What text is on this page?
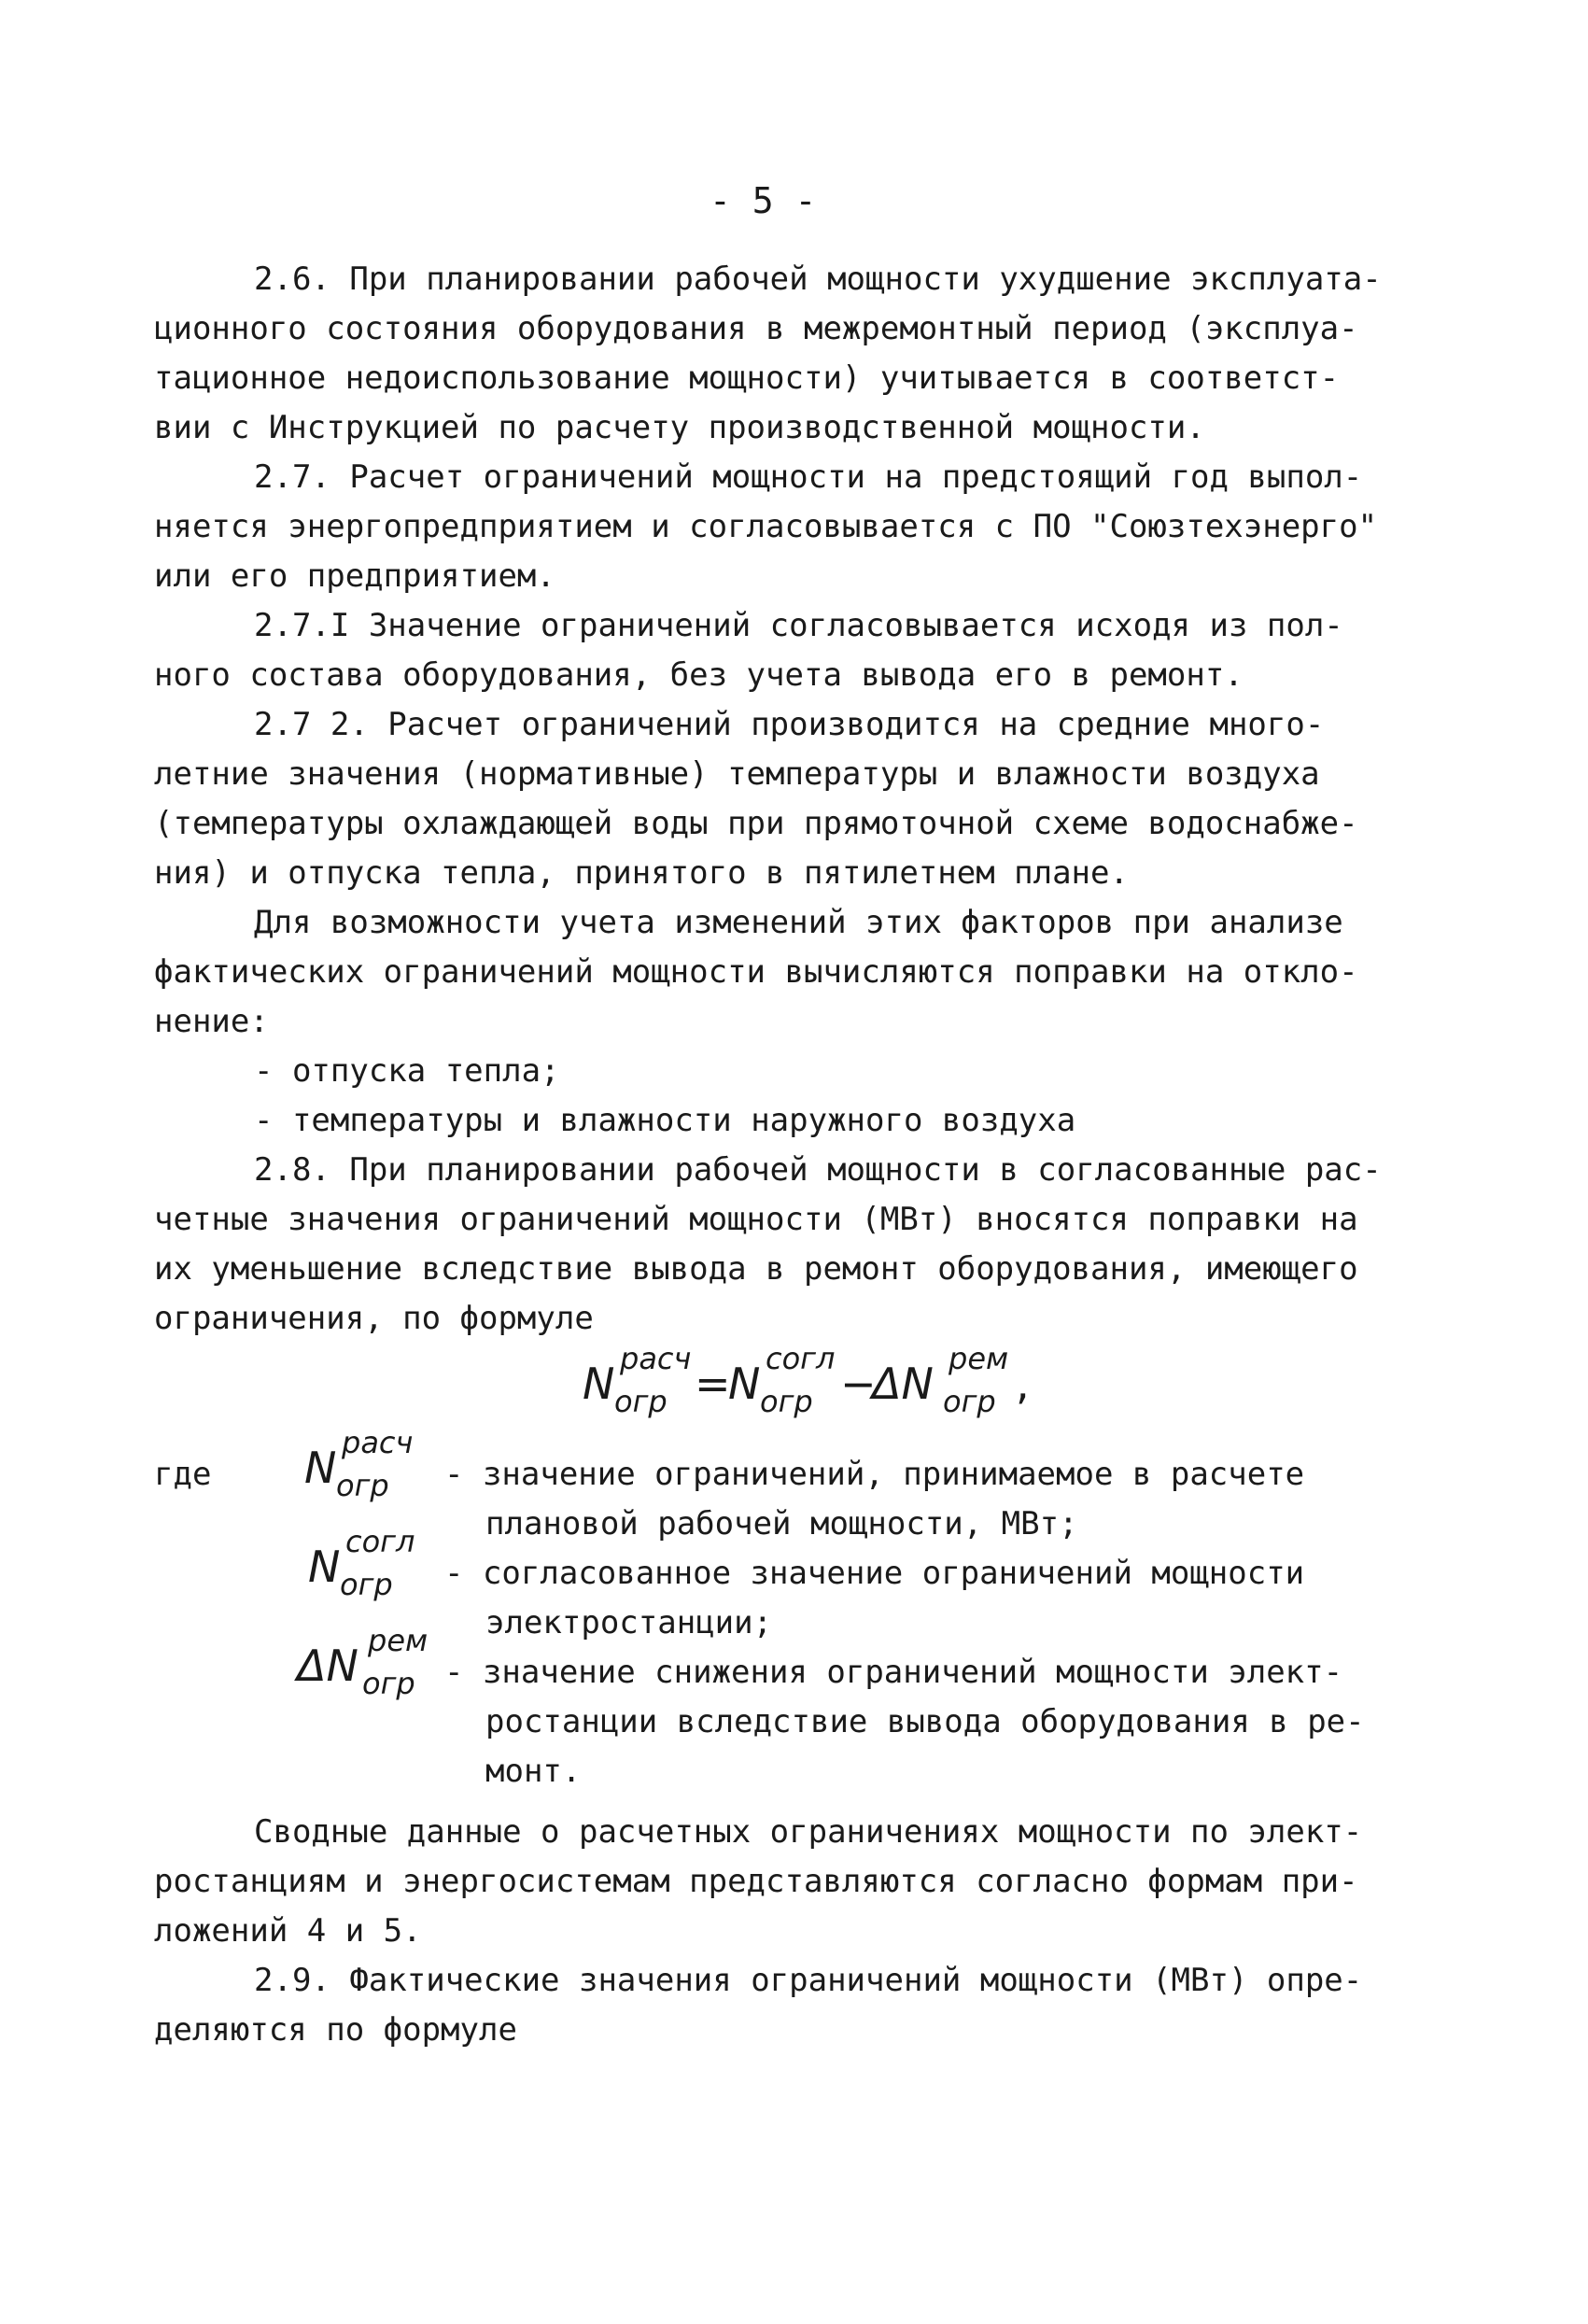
- 5 -
2.6. При планировании рабочей мощности ухудшение эксплуата-
ционного состояния оборудования в межремонтный период (эксплуа-
тационное недоиспользование мощности) учитывается в соответст-
вии с Инструкцией по расчету производственной мощности.
2.7. Расчет ограничений мощности на предстоящий год выпол-
няется энергопредприятием и согласовывается с ПО "Союзтехэнерго"
или его предприятием.
2.7.I Значение ограничений согласовывается исходя из пол-
ного состава оборудования, без учета вывода его в ремонт.
2.7 2. Расчет ограничений производится на средние много-
летние значения (нормативные) температуры и влажности воздуха
(температуры охлаждающей воды при прямоточной схеме водоснабже-
ния) и отпуска тепла, принятого в пятилетнем плане.
Для возможности учета изменений этих факторов при анализе
фактических ограничений мощности вычисляются поправки на откло-
нение:
- отпуска тепла;
- температуры и влажности наружного воздуха
2.8. При планировании рабочей мощности в согласованные рас-
четные значения ограничений мощности (МВт) вносятся поправки на
их уменьшение вследствие вывода в ремонт оборудования, имеющего
ограничения, по формуле
N расч
огр =
N согл
огр −
ΔN рем
огр ,
где N расч
огр - значение ограничений, принимаемое в расчете
плановой рабочей мощности, МВт;
N согл
огр - согласованное значение ограничений мощности
электростанции;
ΔN рем
огр - значение снижения ограничений мощности элект-
ростанции вследствие вывода оборудования в ре-
монт.
Сводные данные о расчетных ограничениях мощности по элект-
ростанциям и энергосистемам представляются согласно формам при-
ложений 4 и 5.
2.9. Фактические значения ограничений мощности (МВт) опре-
деляются по формуле
